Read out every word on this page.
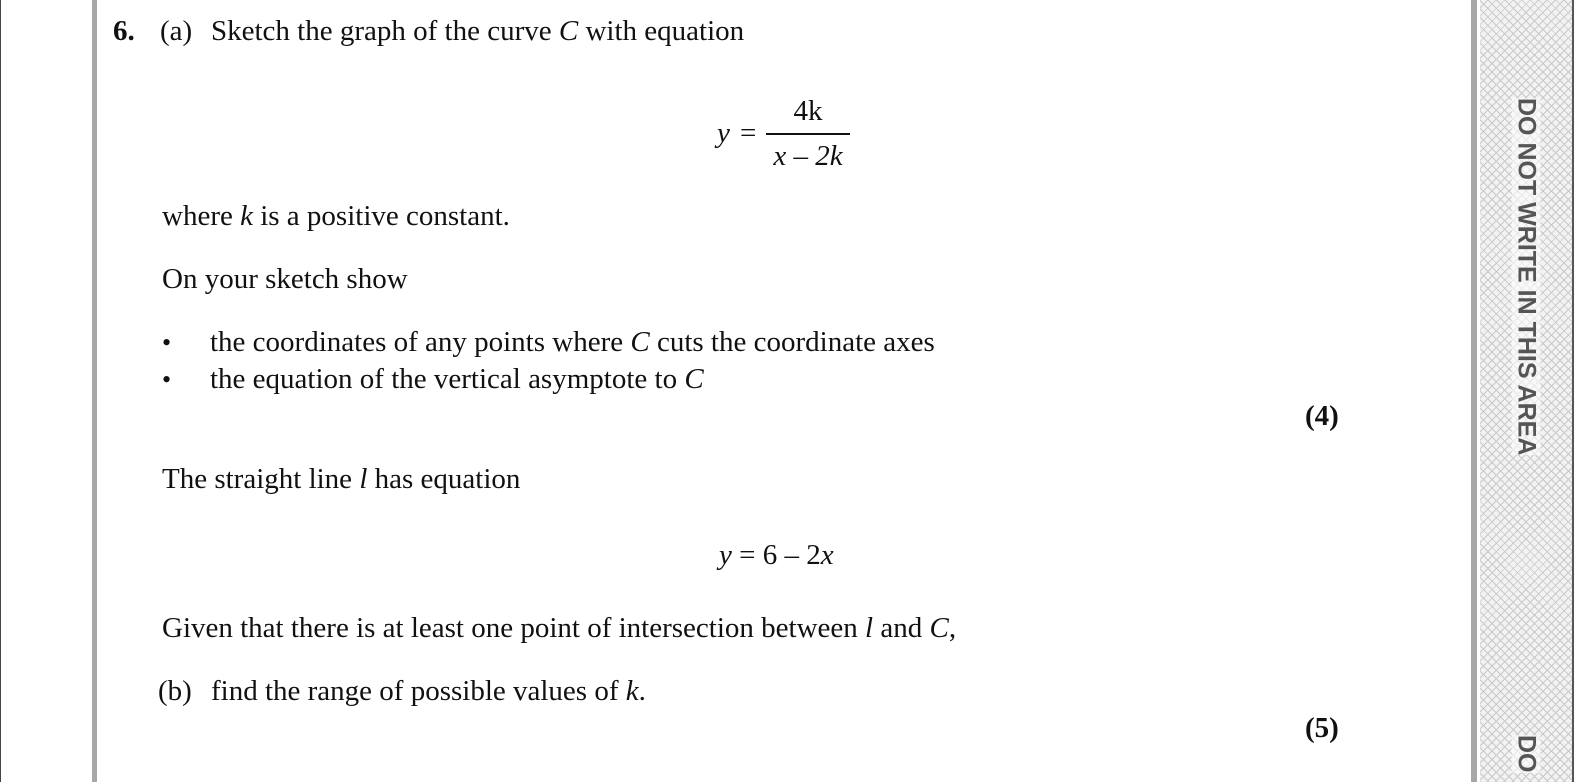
DO NOT WRITE IN THIS AREA
DO
6. (a) Sketch the graph of the curve C with equation
y =
4k
x – 2k
where k is a positive constant.
On your sketch show
• the coordinates of any points where C cuts the coordinate axes
• the equation of the vertical asymptote to C
(4)
The straight line l has equation
y = 6 – 2x
Given that there is at least one point of intersection between l and C,
(b) find the range of possible values of k.
(5)
